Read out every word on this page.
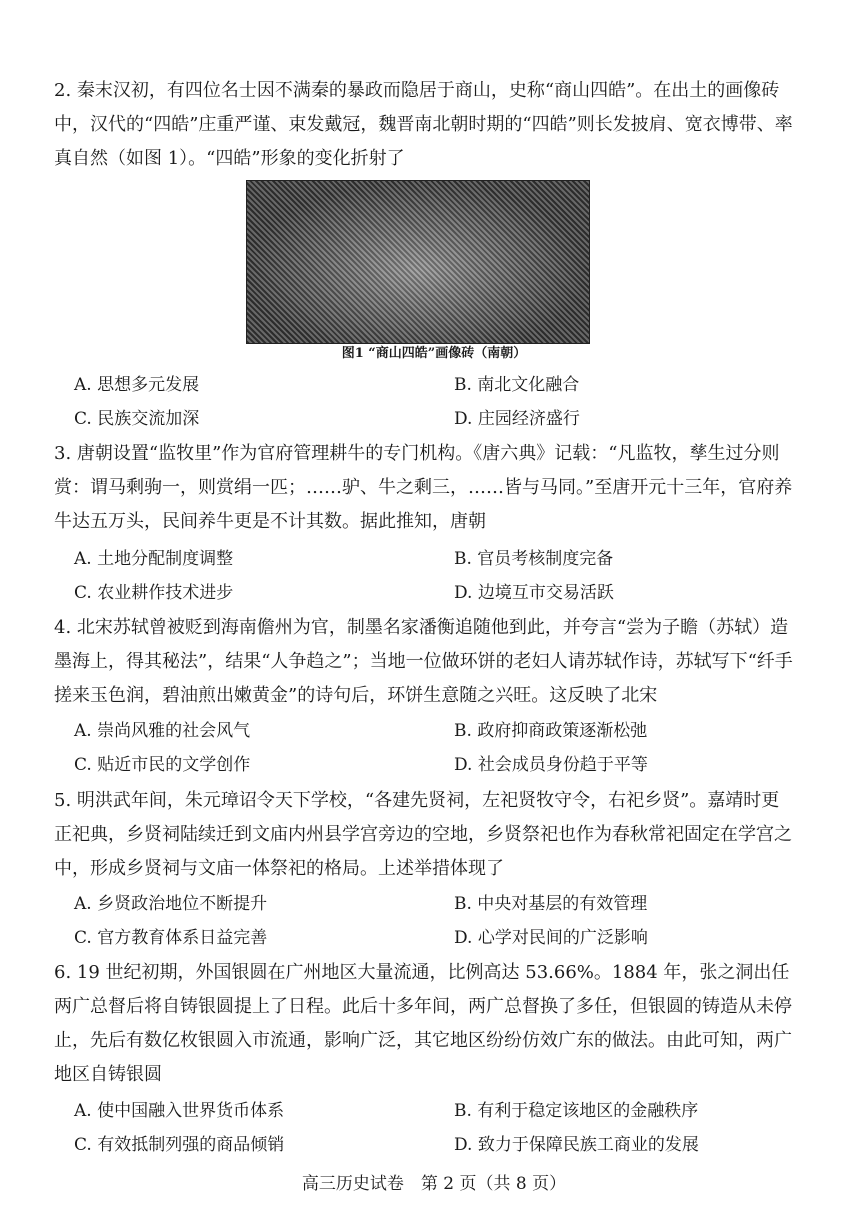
2. 秦末汉初，有四位名士因不满秦的暴政而隐居于商山，史称“商山四皓”。在出土的画像砖中，汉代的“四皓”庄重严谨、束发戴冠，魏晋南北朝时期的“四皓”则长发披肩、宽衣博带、率真自然（如图 1）。“四皓”形象的变化折射了
图1 “商山四皓”画像砖（南朝）
A. 思想多元发展	B. 南北文化融合
C. 民族交流加深	D. 庄园经济盛行
3. 唐朝设置“监牧里”作为官府管理耕牛的专门机构。《唐六典》记载：“凡监牧，孳生过分则赏：谓马剩驹一，则赏绢一匹；……驴、牛之剩三，……皆与马同。”至唐开元十三年，官府养牛达五万头，民间养牛更是不计其数。据此推知，唐朝
A. 土地分配制度调整	B. 官员考核制度完备
C. 农业耕作技术进步	D. 边境互市交易活跃
4. 北宋苏轼曾被贬到海南儋州为官，制墨名家潘衡追随他到此，并夸言“尝为子瞻（苏轼）造墨海上，得其秘法”，结果“人争趋之”；当地一位做环饼的老妇人请苏轼作诗，苏轼写下“纤手搓来玉色润，碧油煎出嫩黄金”的诗句后，环饼生意随之兴旺。这反映了北宋
A. 崇尚风雅的社会风气	B. 政府抑商政策逐渐松弛
C. 贴近市民的文学创作	D. 社会成员身份趋于平等
5. 明洪武年间，朱元璋诏令天下学校，“各建先贤祠，左祀贤牧守令，右祀乡贤”。嘉靖时更正祀典，乡贤祠陆续迁到文庙内州县学宫旁边的空地，乡贤祭祀也作为春秋常祀固定在学宫之中，形成乡贤祠与文庙一体祭祀的格局。上述举措体现了
A. 乡贤政治地位不断提升	B. 中央对基层的有效管理
C. 官方教育体系日益完善	D. 心学对民间的广泛影响
6. 19 世纪初期，外国银圆在广州地区大量流通，比例高达 53.66%。1884 年，张之洞出任两广总督后将自铸银圆提上了日程。此后十多年间，两广总督换了多任，但银圆的铸造从未停止，先后有数亿枚银圆入市流通，影响广泛，其它地区纷纷仿效广东的做法。由此可知，两广地区自铸银圆
A. 使中国融入世界货币体系	B. 有利于稳定该地区的金融秩序
C. 有效抵制列强的商品倾销	D. 致力于保障民族工商业的发展
高三历史试卷　第 2 页（共 8 页）
